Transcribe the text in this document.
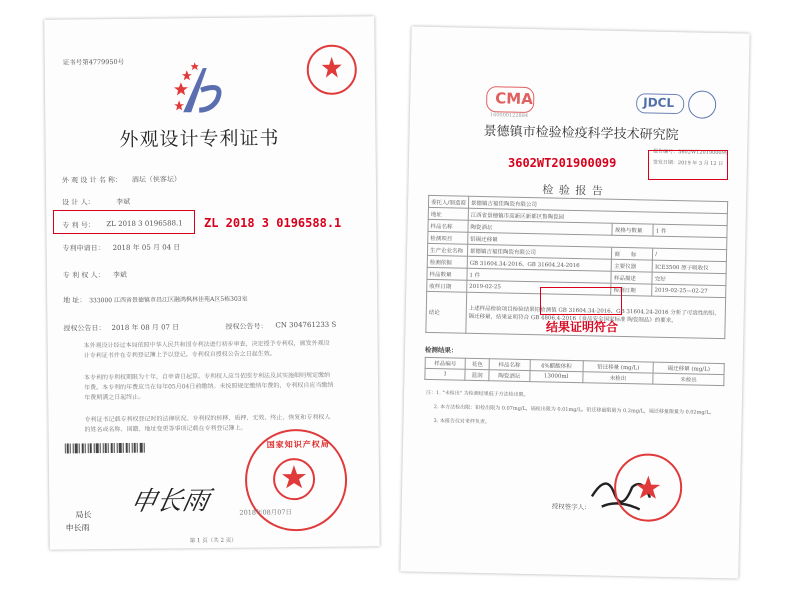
证书号第4779950号
外观设计专利证书
外 观 设 计 名 称： 酒坛（侠客坛）
设 计 人：	李斌
专 利 号： ZL 2018 3 0196588.1
专利申请日： 2018 年 05 月 04 日
专 利 权 人： 李斌
地 址： 333000 江西省景德镇市昌江区融鸿枫林佳苑A区5栋303室
授权公告日： 2018 年 08 月 07 日	授权公告号： CN 304761233 S
本外观设计经过本局依照中华人民共和国专利法进行初步审查，决定授予专利权，颁发外观设计专利证书并在专利登记簿上予以登记。专利权自授权公告之日起生效。
本专利的专利权期限为十年，自申请日起算。专利权人应当依照专利法及其实施细则规定缴纳年费。本专利的年费应当在每年05月04日前缴纳。未按照规定缴纳年费的，专利权自应当缴纳年费期满之日起终止。
专利证书记载专利权登记时的法律状况。专利权的转移、质押、无效、终止、恢复和专利权人的姓名或名称、国籍、地址变更等事项记载在专利登记簿上。
局长
申长雨
申长雨
国家知识产权局
2018年08月07日
第 1 页（共 2 页）
ZL 2018 3 0196588.1
CMA
160000122884
JDCL
景德镇市检验检疫科学技术研究院
报告编号：3602WT201900099
签发日期：2019 年 3 月 12 日
检 验 报 告
委托人/制造商	景德镇吉福佳陶瓷有限公司		
地址	江西省景德镇市高新区新都区鲁陶瓷园		
样品名称	陶瓷酒坛	规格与数量	1 件
检测项目	铅镉迁移量		
生产企业名称	景德镇吉福佳陶瓷有限公司	商　　标	/
检测依据	GB 31604.34-2016、GB 31604.24-2016	主要仪器	ICE3500 原子吸收仪
样品数量	1 件	样品描述	完好
收样日期	2019-02-25	检测日期	2019-02-25—02-27
结论	上述样品检验项目检验结果铅检测值 GB 31604.34-2016、GB 31604.24-2016 分析了可溶性的铅、镉迁移量，结果证明符合 GB 4806.4-2016《食品安全国家标准 陶瓷制品》的要求。		
检测结果：
样品编号	花色	样品名称	4%醋酸体积	铅迁移量 (mg/L)	镉迁移量 (mg/L)
1	蓝润	陶瓷酒坛	13000ml	未检出	未检出
注：1. "未检出" 为检测结果低于方法检出限。
2. 本方法检出限：铅检出限为 0.07mg/L，镉检出限为 0.01mg/L。铅迁移量限量为 0.2mg/L，镉迁移量限量为 0.02mg/L。
3. 本报告仅对来样负责。
授权签字人：
3602WT201900099
结果证明符合
